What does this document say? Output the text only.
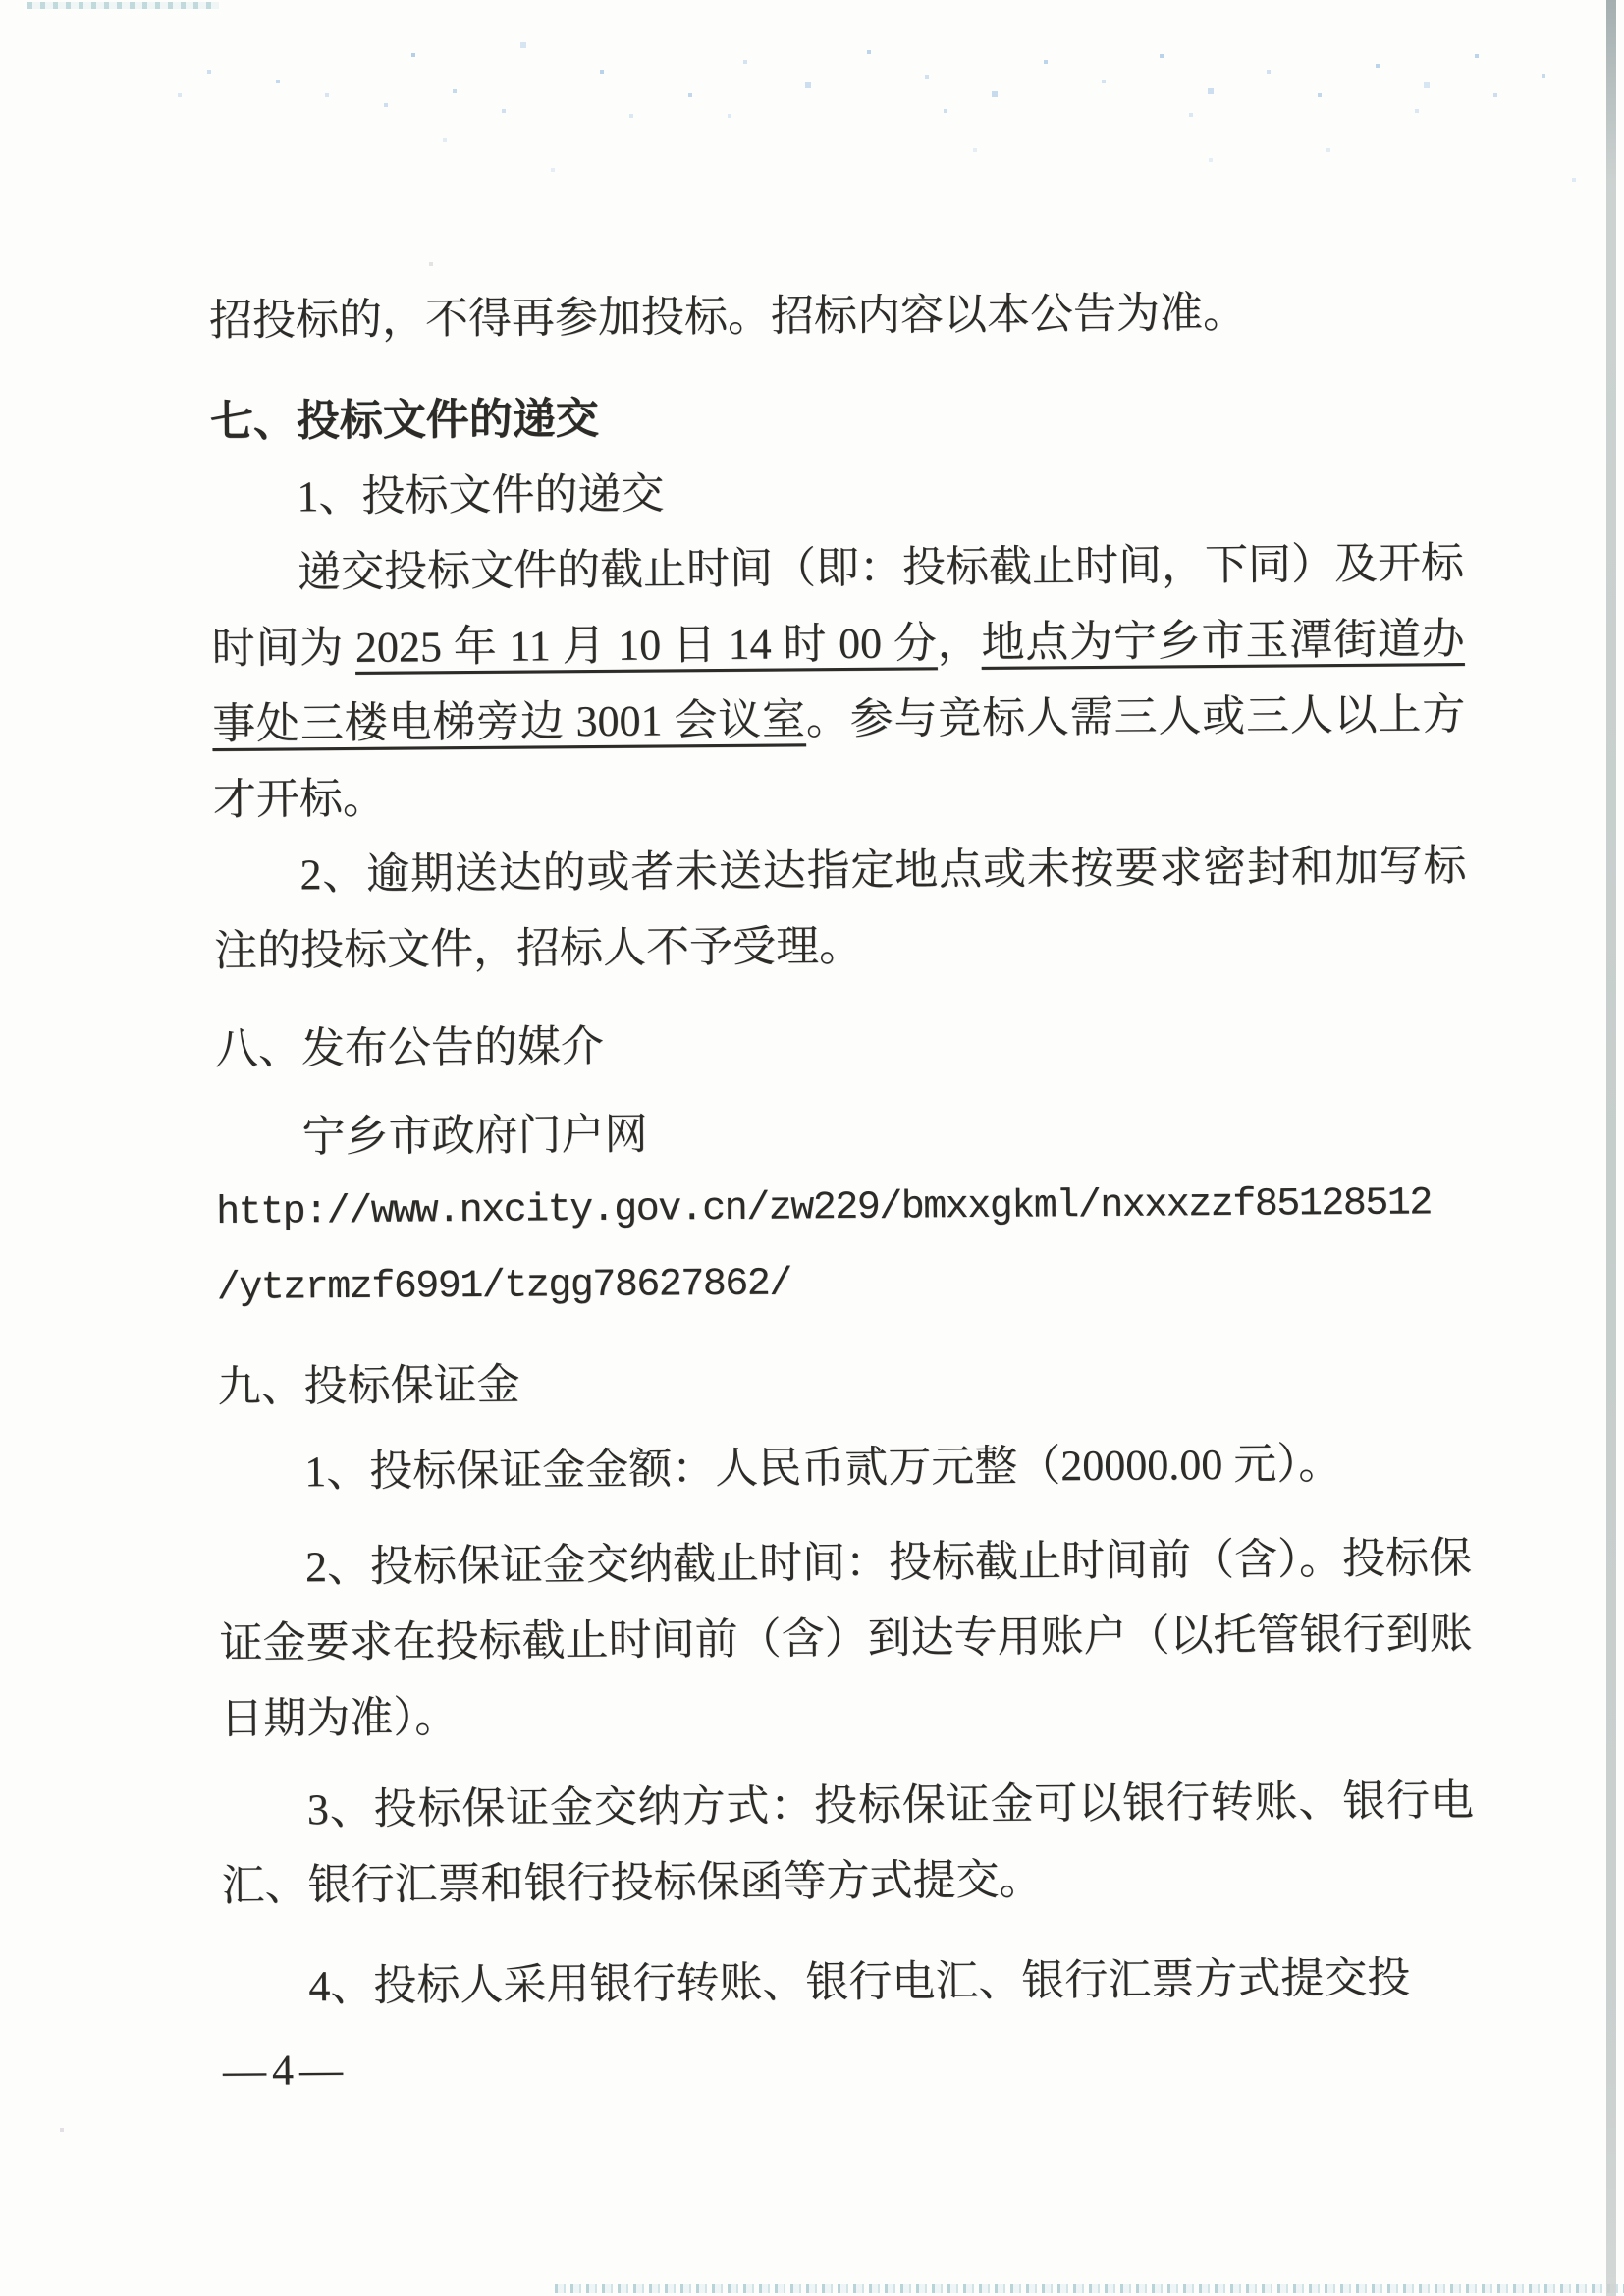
招投标的，不得再参加投标。招标内容以本公告为准。

七、投标文件的递交

1、投标文件的递交

递交投标文件的截止时间（即：投标截止时间，下同）及开标时间为 2025 年 11 月 10 日 14 时 00 分，地点为宁乡市玉潭街道办事处三楼电梯旁边 3001 会议室。参与竞标人需三人或三人以上方才开标。

2、逾期送达的或者未送达指定地点或未按要求密封和加写标注的投标文件，招标人不予受理。

八、发布公告的媒介

宁乡市政府门户网

http://www.nxcity.gov.cn/zw229/bmxxgkml/nxxxzzf85128512

/ytzrmzf6991/tzgg78627862/

九、投标保证金

1、投标保证金金额：人民币贰万元整（20000.00 元）。

2、投标保证金交纳截止时间：投标截止时间前（含）。投标保证金要求在投标截止时间前（含）到达专用账户（以托管银行到账日期为准）。

3、投标保证金交纳方式：投标保证金可以银行转账、银行电汇、银行汇票和银行投标保函等方式提交。

4、投标人采用银行转账、银行电汇、银行汇票方式提交投

—4—
